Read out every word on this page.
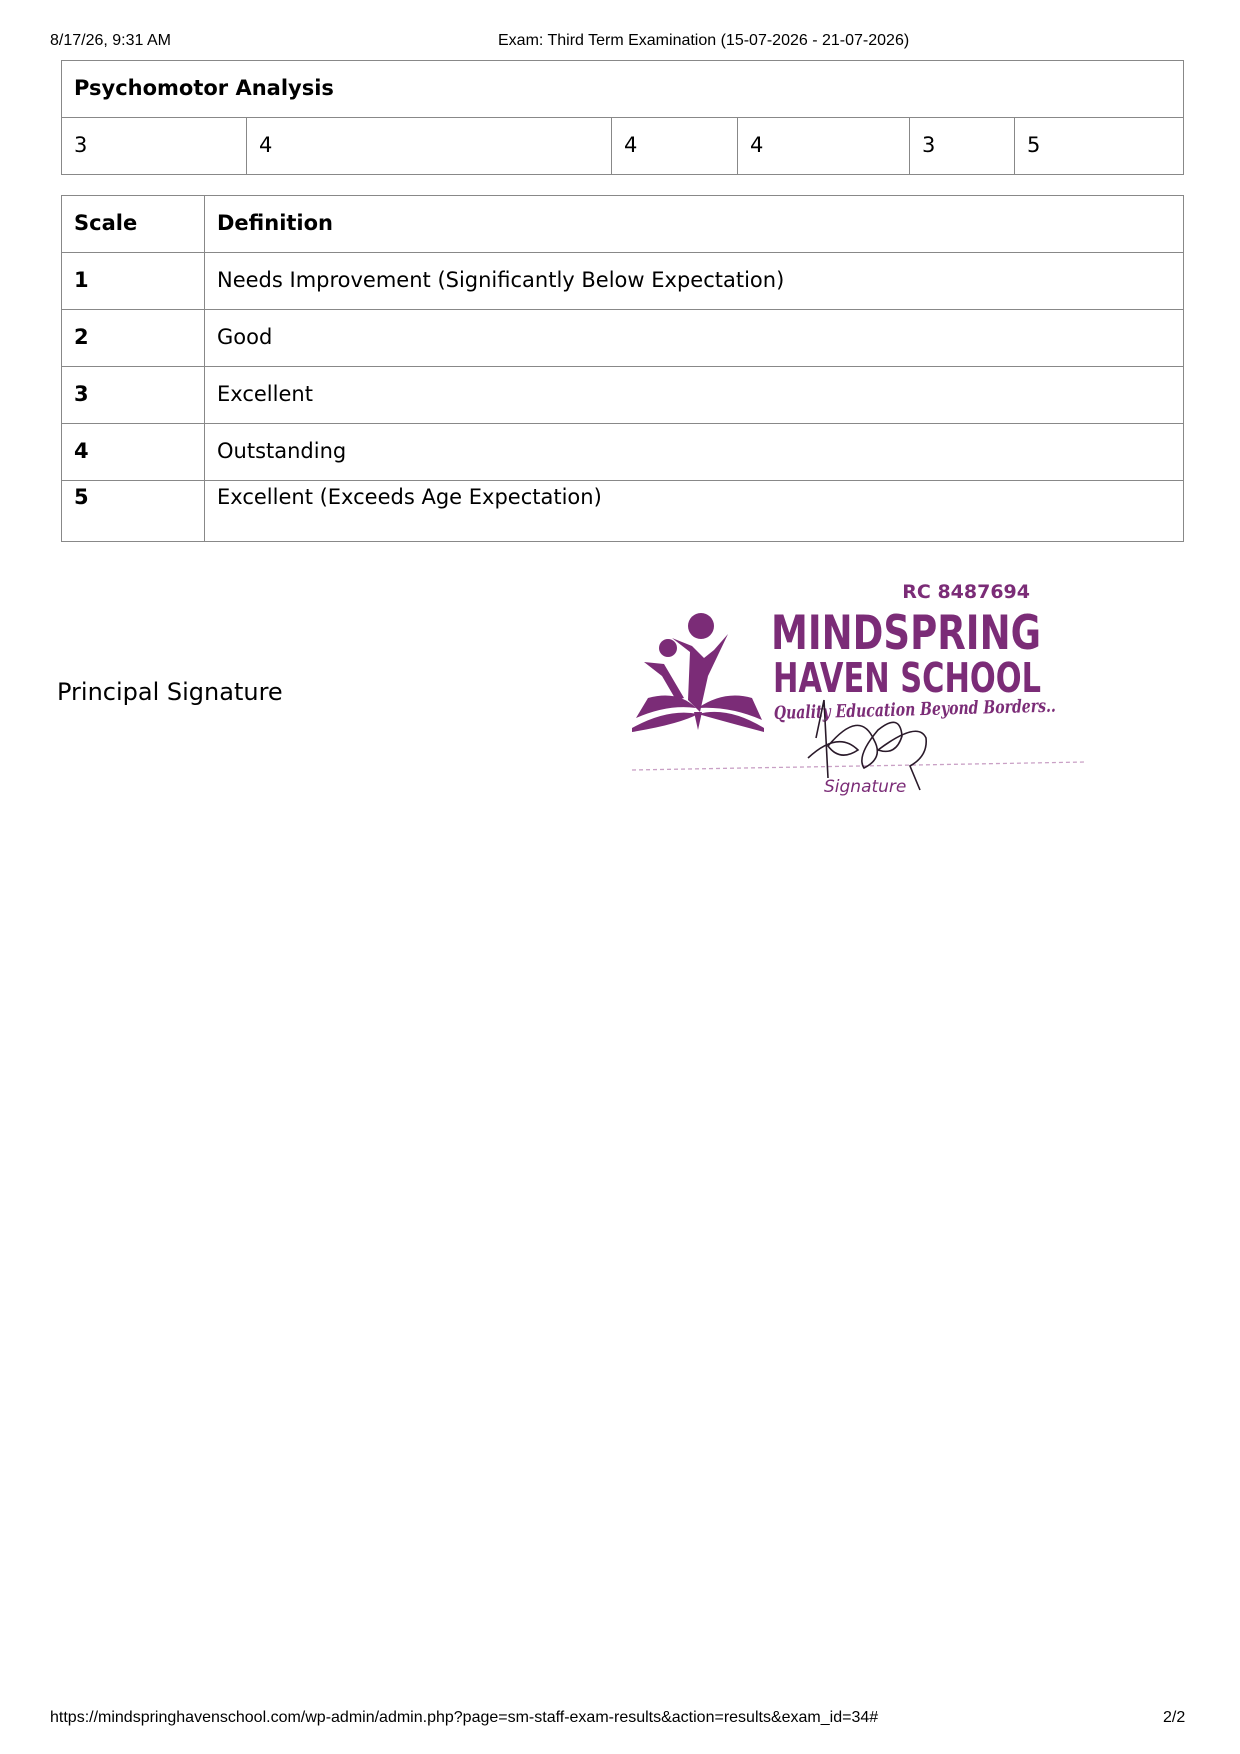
8/17/26, 9:31 AM	Exam: Third Term Examination (15-07-2026 - 21-07-2026)
Psychomotor Analysis
3	4	4	4	3	5
Scale	Definition
1	Needs Improvement (Significantly Below Expectation)
2	Good
3	Excellent
4	Outstanding
5	Excellent (Exceeds Age Expectation)
Principal Signature
RC 8487694
MINDSPRING
HAVEN SCHOOL
Quality Education Beyond Borders..
Signature
https://mindspringhavenschool.com/wp-admin/admin.php?page=sm-staff-exam-results&action=results&exam_id=34#	2/2
